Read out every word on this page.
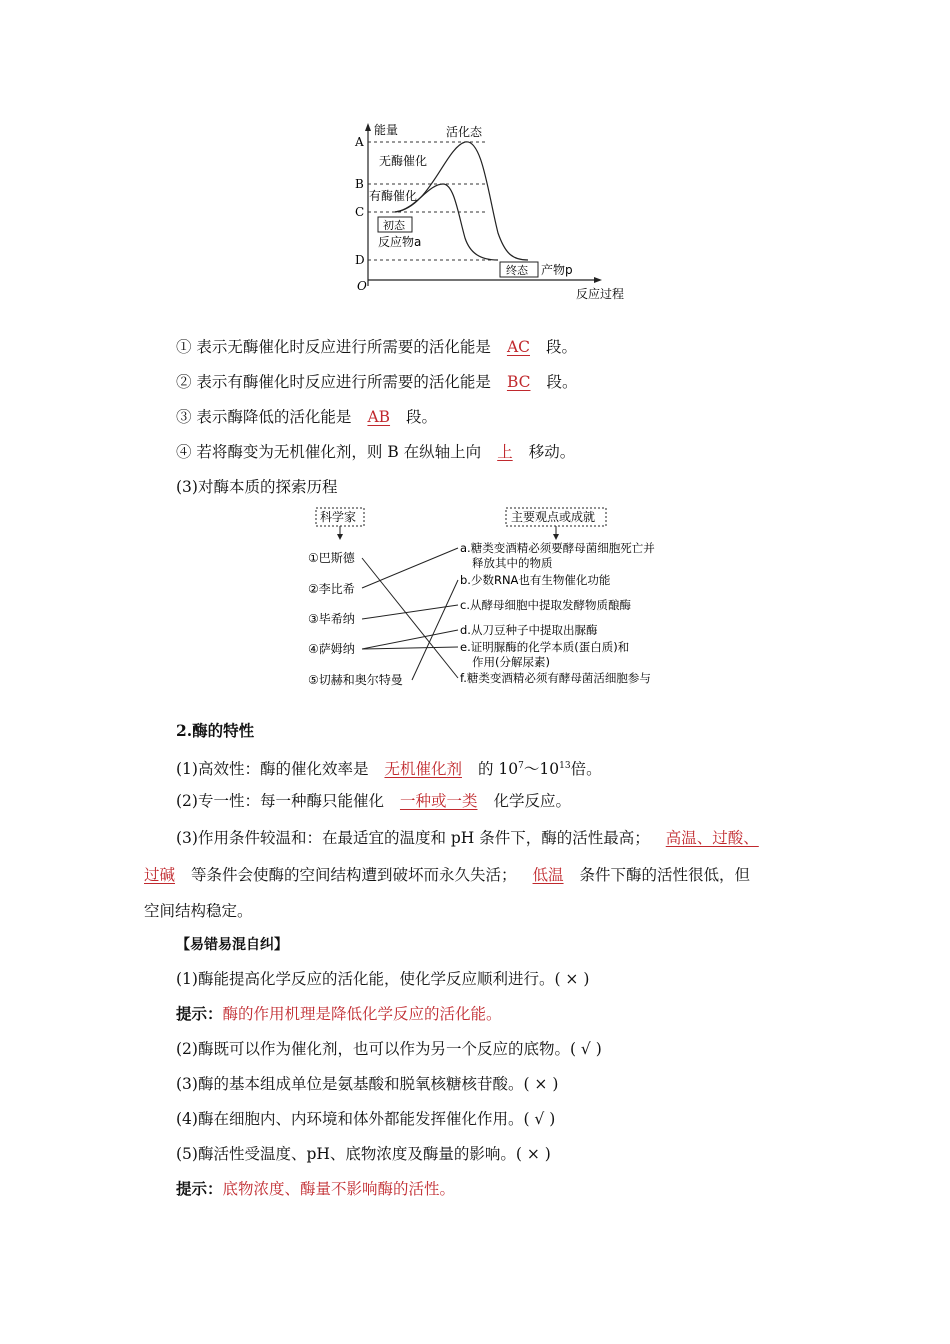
能量
反应过程
O
A
B
C
D
活化态
无酶催化
有酶催化
初态
反应物a
终态 产物p
① 表示无酶催化时反应进行所需要的活化能是 AC 段。
② 表示有酶催化时反应进行所需要的活化能是 BC 段。
③ 表示酶降低的活化能是 AB 段。
④ 若将酶变为无机催化剂，则 B 在纵轴上向 上 移动。
(3)对酶本质的探索历程
科学家	主要观点或成就
①巴斯德
②李比希
③毕希纳
④萨姆纳
⑤切赫和奥尔特曼
a.糖类变酒精必须要酵母菌细胞死亡并
释放其中的物质
b.少数RNA也有生物催化功能
c.从酵母细胞中提取发酵物质酿酶
d.从刀豆种子中提取出脲酶
e.证明脲酶的化学本质(蛋白质)和
作用(分解尿素)
f.糖类变酒精必须有酵母菌活细胞参与
2.酶的特性
(1)高效性：酶的催化效率是 无机催化剂 的 $10^7\sim 10^{13}$倍。
(2)专一性：每一种酶只能催化 一种或一类 化学反应。
(3)作用条件较温和：在最适宜的温度和 pH 条件下，酶的活性最高； 高温、过酸、
过碱 等条件会使酶的空间结构遭到破坏而永久失活； 低温 条件下酶的活性很低，但
空间结构稳定。
【易错易混自纠】
(1)酶能提高化学反应的活化能，使化学反应顺利进行。( × )
提示：酶的作用机理是降低化学反应的活化能。
(2)酶既可以作为催化剂，也可以作为另一个反应的底物。( √ )
(3)酶的基本组成单位是氨基酸和脱氧核糖核苷酸。( × )
(4)酶在细胞内、内环境和体外都能发挥催化作用。( √ )
(5)酶活性受温度、pH、底物浓度及酶量的影响。( × )
提示：底物浓度、酶量不影响酶的活性。
